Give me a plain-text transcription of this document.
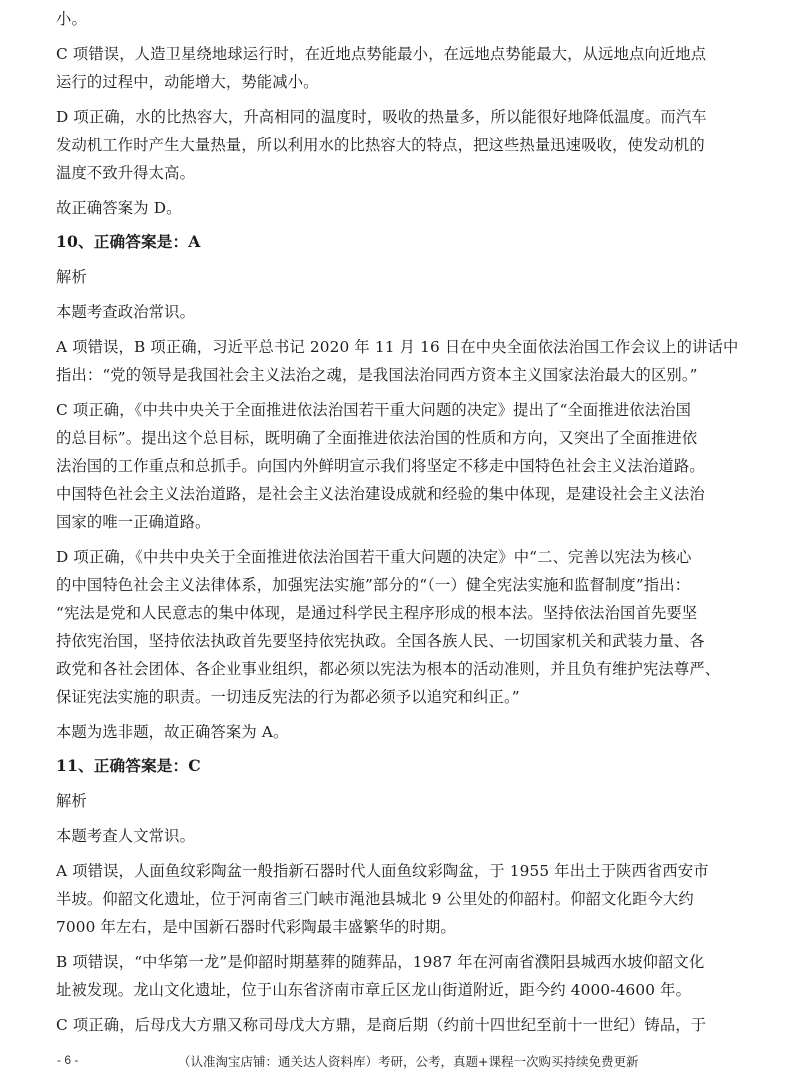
小。
C 项错误，人造卫星绕地球运行时，在近地点势能最小，在远地点势能最大，从远地点向近地点
运行的过程中，动能增大，势能减小。
D 项正确，水的比热容大，升高相同的温度时，吸收的热量多，所以能很好地降低温度。而汽车
发动机工作时产生大量热量，所以利用水的比热容大的特点，把这些热量迅速吸收，使发动机的
温度不致升得太高。
故正确答案为 D。
10、正确答案是：A
解析
本题考查政治常识。
A 项错误，B 项正确，习近平总书记 2020 年 11 月 16 日在中央全面依法治国工作会议上的讲话中
指出：“党的领导是我国社会主义法治之魂，是我国法治同西方资本主义国家法治最大的区别。”
C 项正确，《中共中央关于全面推进依法治国若干重大问题的决定》提出了“全面推进依法治国
的总目标”。提出这个总目标，既明确了全面推进依法治国的性质和方向，又突出了全面推进依
法治国的工作重点和总抓手。向国内外鲜明宣示我们将坚定不移走中国特色社会主义法治道路。
中国特色社会主义法治道路，是社会主义法治建设成就和经验的集中体现，是建设社会主义法治
国家的唯一正确道路。
D 项正确，《中共中央关于全面推进依法治国若干重大问题的决定》中“二、完善以宪法为核心
的中国特色社会主义法律体系，加强宪法实施”部分的“（一）健全宪法实施和监督制度”指出：
“宪法是党和人民意志的集中体现，是通过科学民主程序形成的根本法。坚持依法治国首先要坚
持依宪治国，坚持依法执政首先要坚持依宪执政。全国各族人民、一切国家机关和武装力量、各
政党和各社会团体、各企业事业组织，都必须以宪法为根本的活动准则，并且负有维护宪法尊严、
保证宪法实施的职责。一切违反宪法的行为都必须予以追究和纠正。”
本题为选非题，故正确答案为 A。
11、正确答案是：C
解析
本题考查人文常识。
A 项错误，人面鱼纹彩陶盆一般指新石器时代人面鱼纹彩陶盆，于 1955 年出土于陕西省西安市
半坡。仰韶文化遗址，位于河南省三门峡市渑池县城北 9 公里处的仰韶村。仰韶文化距今大约
7000 年左右，是中国新石器时代彩陶最丰盛繁华的时期。
B 项错误，“中华第一龙”是仰韶时期墓葬的随葬品，1987 年在河南省濮阳县城西水坡仰韶文化
址被发现。龙山文化遗址，位于山东省济南市章丘区龙山街道附近，距今约 4000-4600 年。
C 项正确，后母戊大方鼎又称司母戊大方鼎，是商后期（约前十四世纪至前十一世纪）铸品，于
- 6 -	（认准淘宝店铺：通关达人资料库）考研，公考，真题+课程一次购买持续免费更新
